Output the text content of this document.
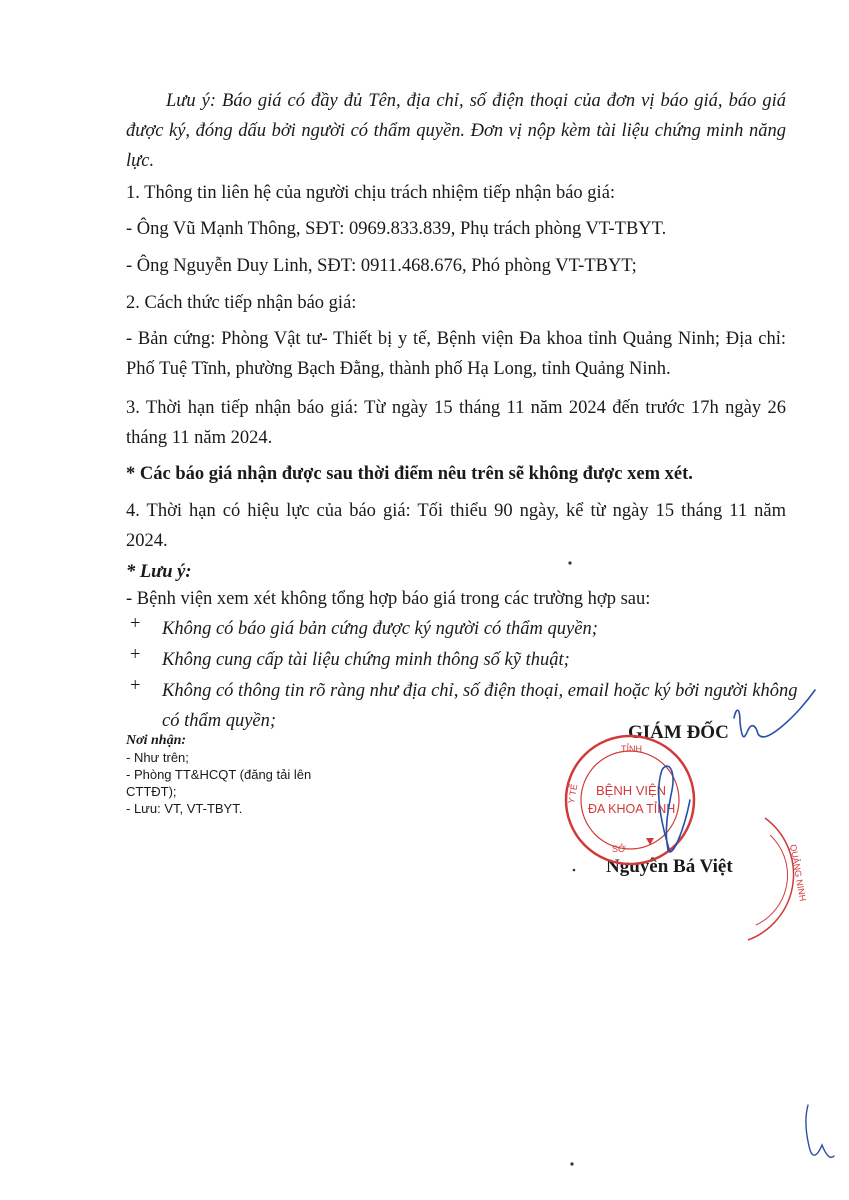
Lưu ý: Báo giá có đầy đủ Tên, địa chỉ, số điện thoại của đơn vị báo giá, báo giá được ký, đóng dấu bởi người có thẩm quyền. Đơn vị nộp kèm tài liệu chứng minh năng lực.

1. Thông tin liên hệ của người chịu trách nhiệm tiếp nhận báo giá:

- Ông Vũ Mạnh Thông, SĐT: 0969.833.839, Phụ trách phòng VT-TBYT.

- Ông Nguyễn Duy Linh, SĐT: 0911.468.676, Phó phòng VT-TBYT;

2. Cách thức tiếp nhận báo giá:

- Bản cứng: Phòng Vật tư- Thiết bị y tế, Bệnh viện Đa khoa tỉnh Quảng Ninh; Địa chỉ: Phố Tuệ Tĩnh, phường Bạch Đằng, thành phố Hạ Long, tỉnh Quảng Ninh.

3. Thời hạn tiếp nhận báo giá: Từ ngày 15 tháng 11 năm 2024 đến trước 17h ngày 26 tháng 11 năm 2024.

* Các báo giá nhận được sau thời điểm nêu trên sẽ không được xem xét.

4. Thời hạn có hiệu lực của báo giá: Tối thiểu 90 ngày, kể từ ngày 15 tháng 11 năm 2024.

* Lưu ý:

- Bệnh viện xem xét không tổng hợp báo giá trong các trường hợp sau:

+ Không có báo giá bản cứng được ký người có thẩm quyền;
+ Không cung cấp tài liệu chứng minh thông số kỹ thuật;
+ Không có thông tin rõ ràng như địa chỉ, số điện thoại, email hoặc ký bởi người không có thẩm quyền;
Nơi nhận:
- Như trên;
- Phòng TT&HCQT (đăng tải lên CTTĐT);
- Lưu: VT, VT-TBYT.
GIÁM ĐỐC
Nguyễn Bá Việt
TỈNH
Y TẾ BỆNH VIỆN
ĐA KHOA TỈNH
SỞ	QUẢNG NINH
